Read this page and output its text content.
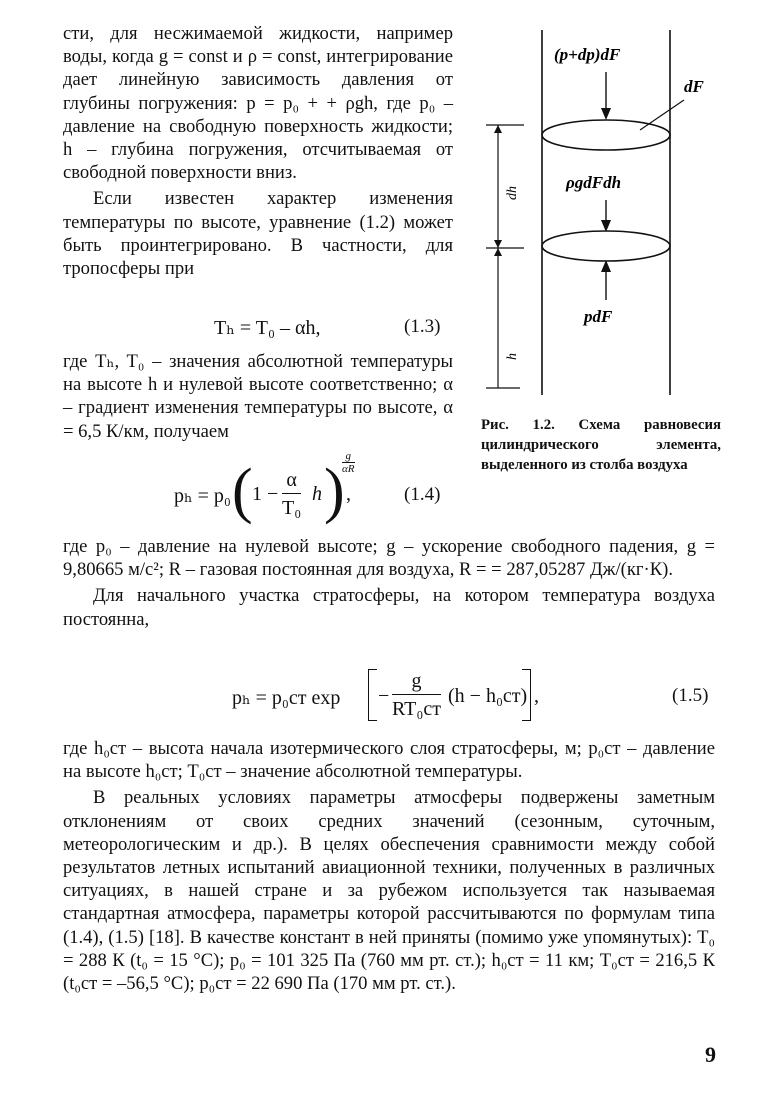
сти, для несжимаемой жидкости, например воды, когда g = const и ρ = const, интегрирование дает линейную зависимость давления от глубины погружения: p = p₀ + + ρgh, где p₀ – давление на свободную поверхность жидкости; h – глубина погружения, отсчитываемая от свободной поверхности вниз.

Если известен характер изменения температуры по высоте, уравнение (1.2) может быть проинтегрировано. В частности, для тропосферы при

Tₕ = T₀ – αh,	(1.3)

где Tₕ, T₀ – значения абсолютной температуры на высоте h и нулевой высоте соответственно; α – градиент изменения температуры по высоте, α = 6,5 К/км, получаем

pₕ = p₀ ( $1 - \frac{\alpha}{\text{T₀}}$ h )
g
αR
,	(1.4)

где p₀ – давление на нулевой высоте; g – ускорение свободного падения, g = 9,80665 м/с²; R – газовая постоянная для воздуха, R = = 287,05287 Дж/(кг·К).

Для начального участка стратосферы, на котором температура воздуха постоянна,

pₕ = p₀ст $\exp - \frac{g}{\text{RT₀ст}} (h - h_0ст)$ ,	(1.5)

где h₀ст – высота начала изотермического слоя стратосферы, м; p₀ст – давление на высоте h₀ст; T₀ст – значение абсолютной температуры.

В реальных условиях параметры атмосферы подвержены заметным отклонениям от своих средних значений (сезонным, суточным, метеорологическим и др.). В целях обеспечения сравнимости между собой результатов летных испытаний авиационной техники, полученных в различных ситуациях, в нашей стране и за рубежом используется так называемая стандартная атмосфера, параметры которой рассчитываются по формулам типа (1.4), (1.5) [18]. В качестве констант в ней приняты (помимо уже упомянутых): T₀ = 288 К (t₀ = 15 °С); p₀ = 101 325 Па (760 мм рт. ст.); h₀ст = 11 км; T₀ст = 216,5 К (t₀ст = –56,5 °С); p₀ст = 22 690 Па (170 мм рт. ст.).

(p+dp)dF
dF
ρgdFdh
pdF
dh
h

Рис. 1.2. Схема равновесия цилиндрического элемента, выделенного из столба воздуха

9
